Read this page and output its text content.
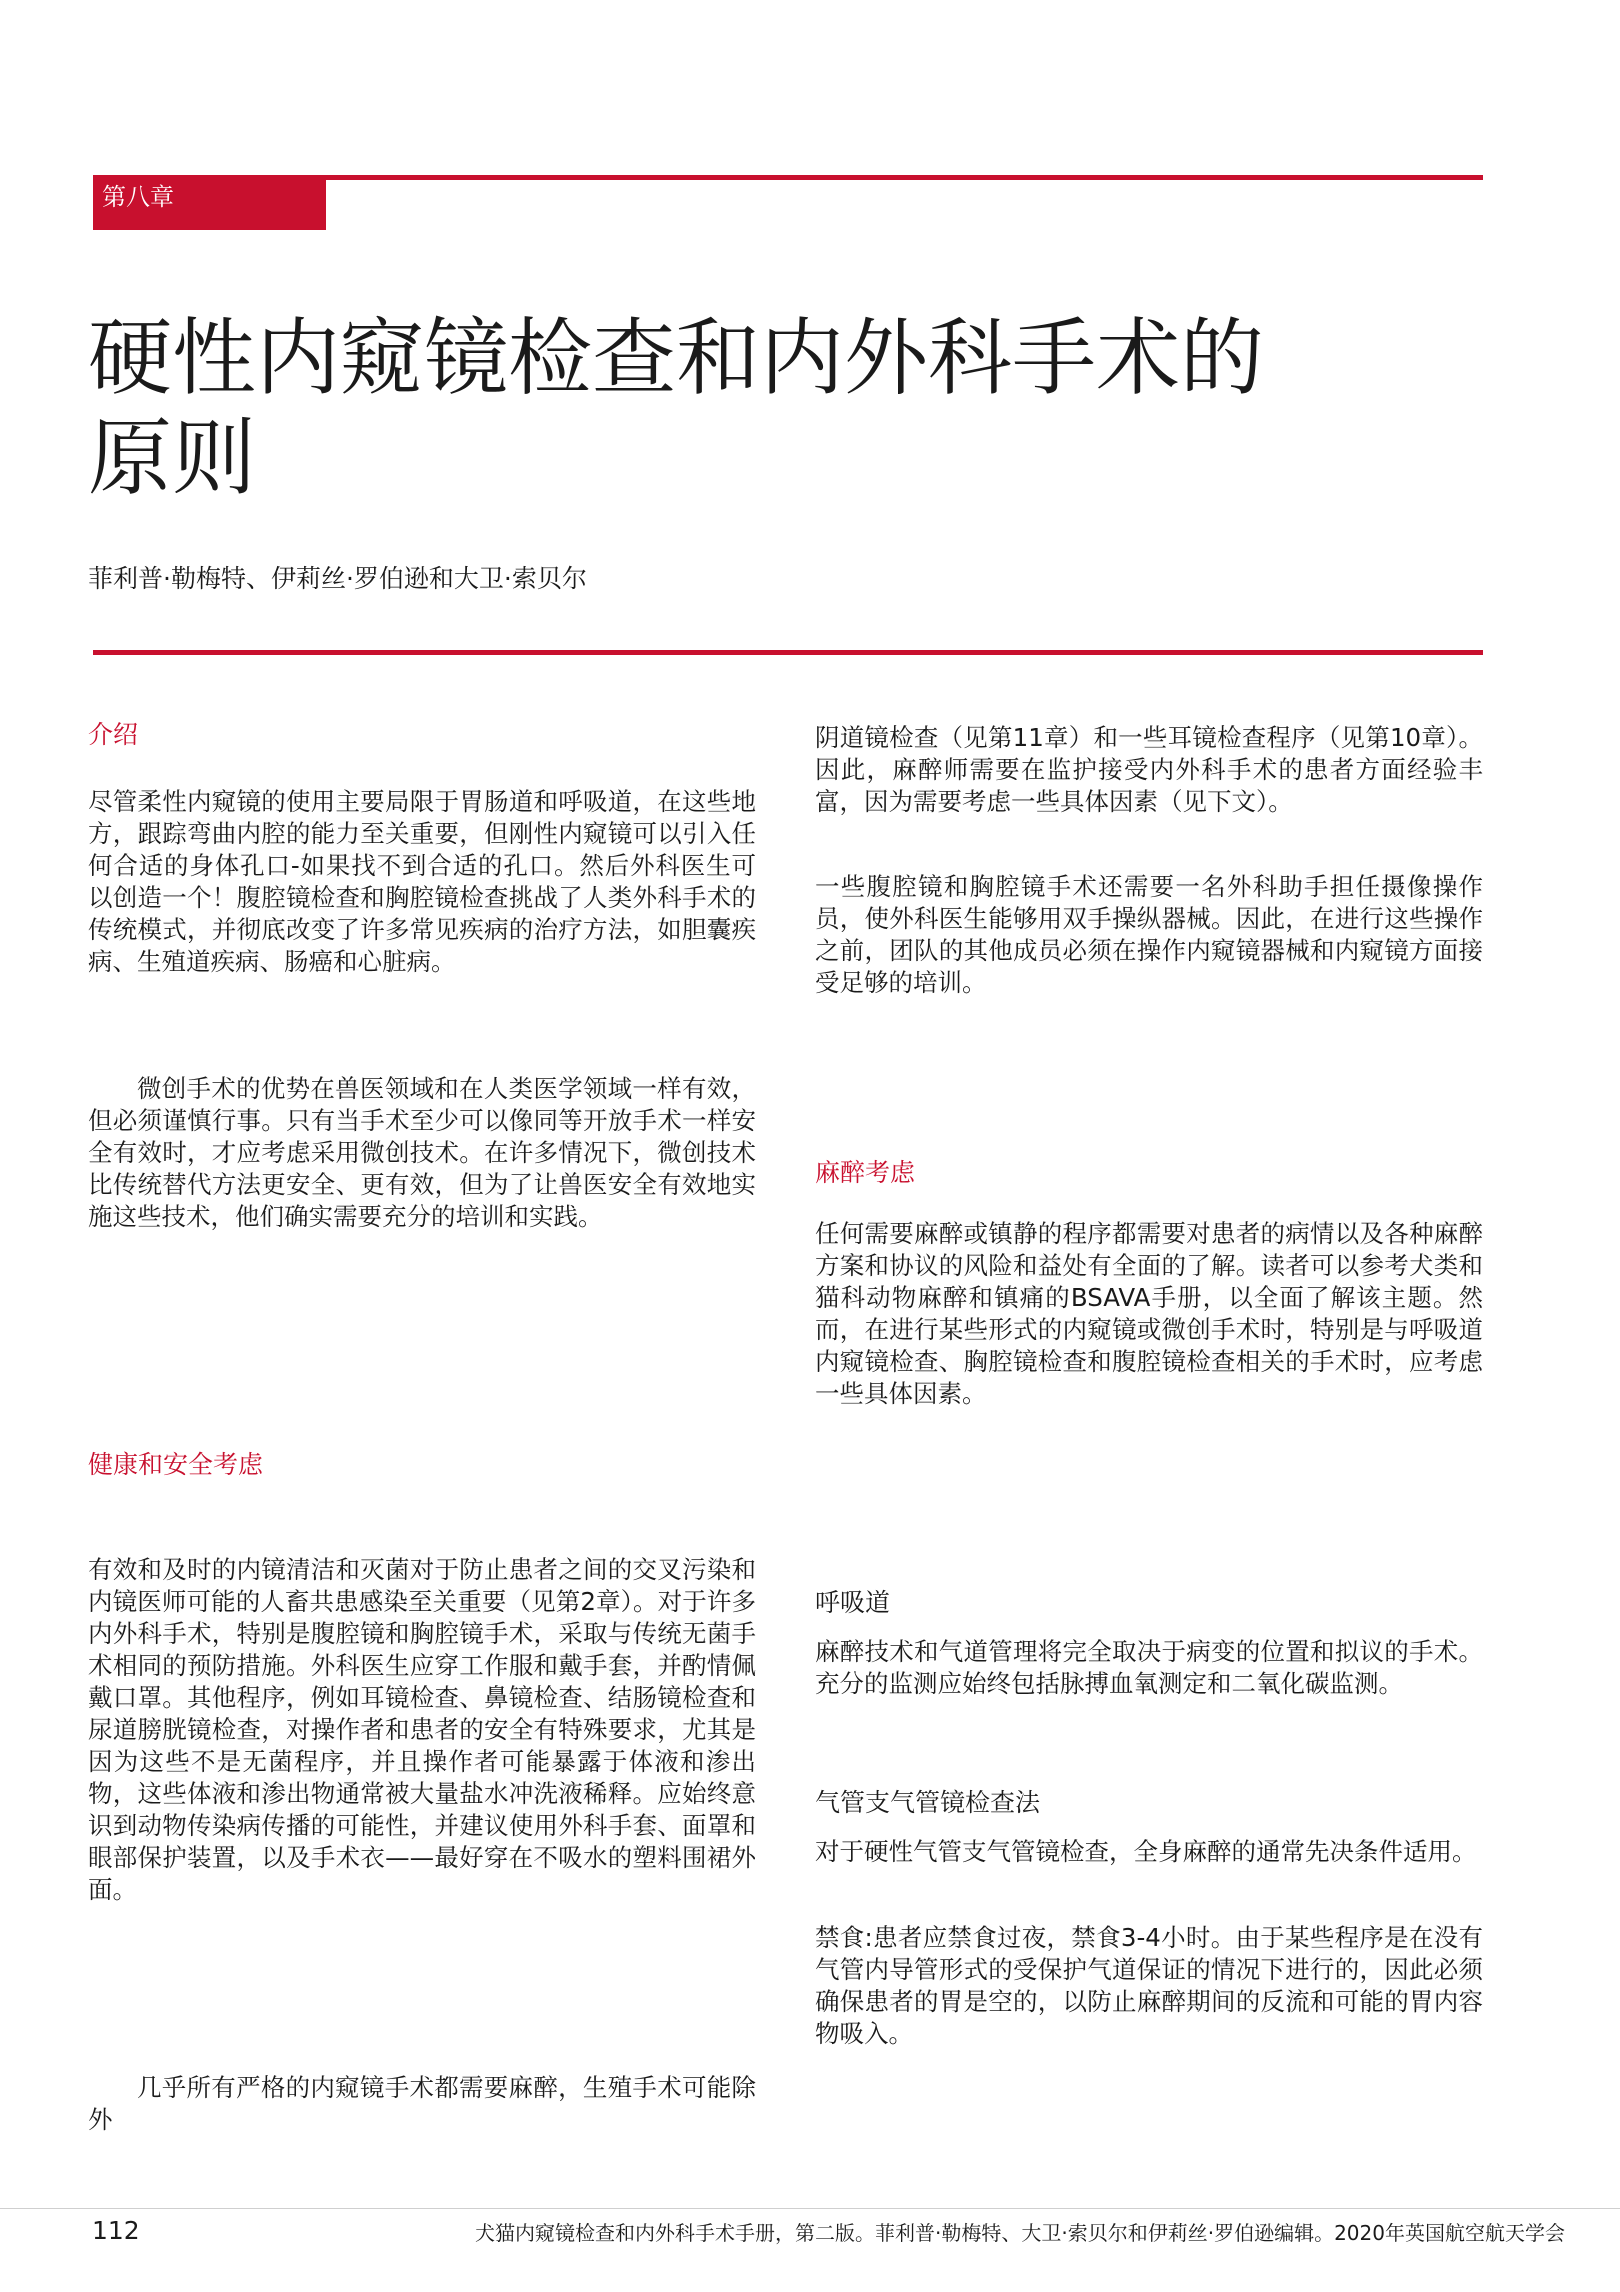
第八章
硬性内窥镜检查和内外科手术的
原则
菲利普·勒梅特、伊莉丝·罗伯逊和大卫·索贝尔
介绍

尽管柔性内窥镜的使用主要局限于胃肠道和呼吸道，在这些地方，跟踪弯曲内腔的能力至关重要，但刚性内窥镜可以引入任何合适的身体孔口-如果找不到合适的孔口。然后外科医生可以创造一个！腹腔镜检查和胸腔镜检查挑战了人类外科手术的传统模式，并彻底改变了许多常见疾病的治疗方法，如胆囊疾病、生殖道疾病、肠癌和心脏病。

微创手术的优势在兽医领域和在人类医学领域一样有效，但必须谨慎行事。只有当手术至少可以像同等开放手术一样安全有效时，才应考虑采用微创技术。在许多情况下，微创技术比传统替代方法更安全、更有效，但为了让兽医安全有效地实施这些技术，他们确实需要充分的培训和实践。

健康和安全考虑

有效和及时的内镜清洁和灭菌对于防止患者之间的交叉污染和内镜医师可能的人畜共患感染至关重要（见第2章）。对于许多内外科手术，特别是腹腔镜和胸腔镜手术，采取与传统无菌手术相同的预防措施。外科医生应穿工作服和戴手套，并酌情佩戴口罩。其他程序，例如耳镜检查、鼻镜检查、结肠镜检查和尿道膀胱镜检查，对操作者和患者的安全有特殊要求，尤其是因为这些不是无菌程序，并且操作者可能暴露于体液和渗出物，这些体液和渗出物通常被大量盐水冲洗液稀释。应始终意识到动物传染病传播的可能性，并建议使用外科手套、面罩和眼部保护装置，以及手术衣——最好穿在不吸水的塑料围裙外面。

几乎所有严格的内窥镜手术都需要麻醉，生殖手术可能除外

阴道镜检查（见第11章）和一些耳镜检查程序（见第10章）。因此，麻醉师需要在监护接受内外科手术的患者方面经验丰富，因为需要考虑一些具体因素（见下文）。

一些腹腔镜和胸腔镜手术还需要一名外科助手担任摄像操作员，使外科医生能够用双手操纵器械。因此，在进行这些操作之前，团队的其他成员必须在操作内窥镜器械和内窥镜方面接受足够的培训。

麻醉考虑

任何需要麻醉或镇静的程序都需要对患者的病情以及各种麻醉方案和协议的风险和益处有全面的了解。读者可以参考犬类和猫科动物麻醉和镇痛的BSAVA手册，以全面了解该主题。然而，在进行某些形式的内窥镜或微创手术时，特别是与呼吸道内窥镜检查、胸腔镜检查和腹腔镜检查相关的手术时，应考虑一些具体因素。

呼吸道

麻醉技术和气道管理将完全取决于病变的位置和拟议的手术。充分的监测应始终包括脉搏血氧测定和二氧化碳监测。

气管支气管镜检查法

对于硬性气管支气管镜检查，全身麻醉的通常先决条件适用。

禁食:患者应禁食过夜，禁食3-4小时。由于某些程序是在没有气管内导管形式的受保护气道保证的情况下进行的，因此必须确保患者的胃是空的，以防止麻醉期间的反流和可能的胃内容物吸入。

112	犬猫内窥镜检查和内外科手术手册，第二版。菲利普·勒梅特、大卫·索贝尔和伊莉丝·罗伯逊编辑。2020年英国航空航天学会
